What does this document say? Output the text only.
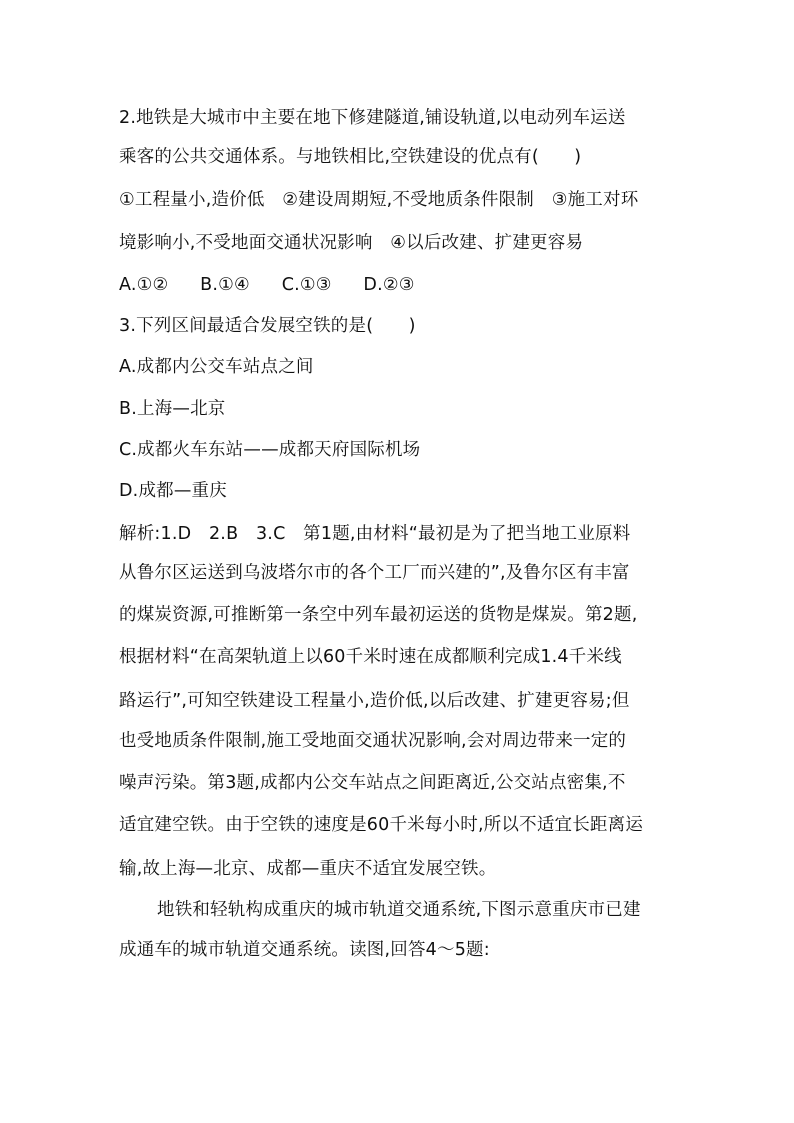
2.地铁是大城市中主要在地下修建隧道,铺设轨道,以电动列车运送
乘客的公共交通体系。与地铁相比,空铁建设的优点有(　　)
①工程量小,造价低　②建设周期短,不受地质条件限制　③施工对环
境影响小,不受地面交通状况影响　④以后改建、扩建更容易
A.①② B.①④ C.①③ D.②③
3.下列区间最适合发展空铁的是(　　)
A.成都内公交车站点之间
B.上海—北京
C.成都火车东站——成都天府国际机场
D.成都—重庆
解析:1.D　2.B　3.C　第1题,由材料“最初是为了把当地工业原料
从鲁尔区运送到乌波塔尔市的各个工厂而兴建的”,及鲁尔区有丰富
的煤炭资源,可推断第一条空中列车最初运送的货物是煤炭。第2题,
根据材料“在高架轨道上以60千米时速在成都顺利完成1.4千米线
路运行”,可知空铁建设工程量小,造价低,以后改建、扩建更容易;但
也受地质条件限制,施工受地面交通状况影响,会对周边带来一定的
噪声污染。第3题,成都内公交车站点之间距离近,公交站点密集,不
适宜建空铁。由于空铁的速度是60千米每小时,所以不适宜长距离运
输,故上海—北京、成都—重庆不适宜发展空铁。
地铁和轻轨构成重庆的城市轨道交通系统,下图示意重庆市已建
成通车的城市轨道交通系统。读图,回答4～5题:
